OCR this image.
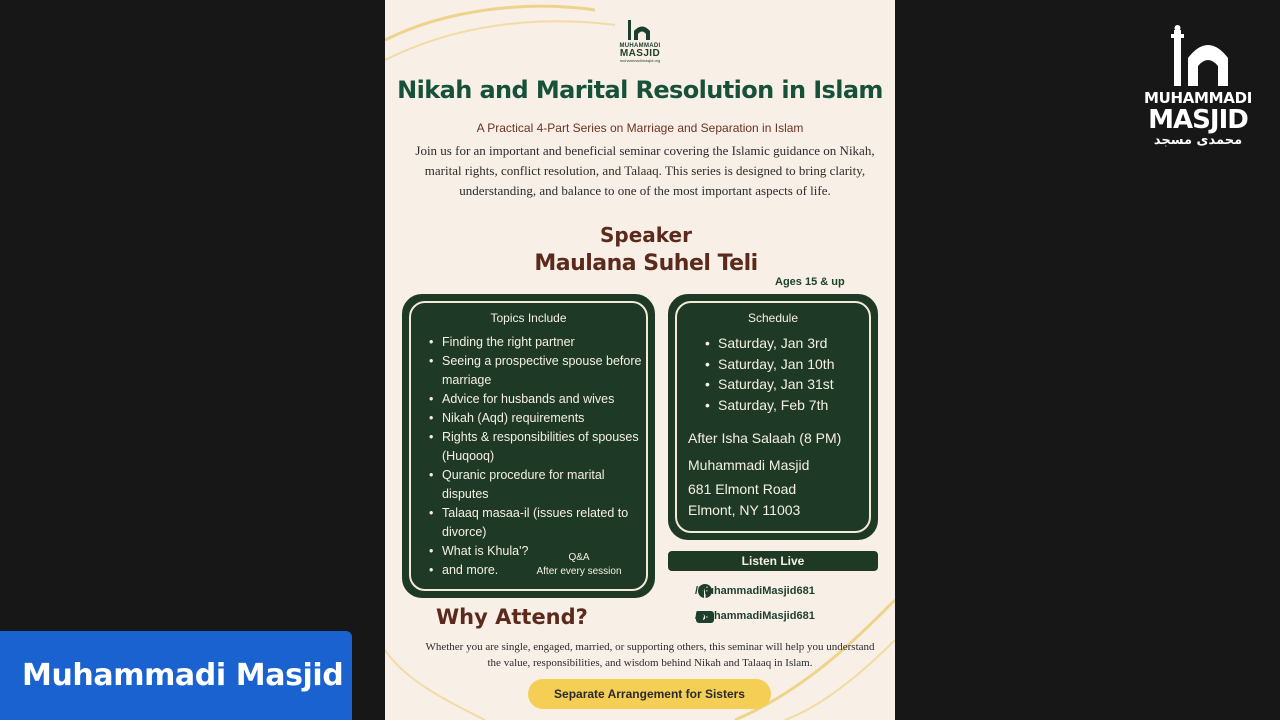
MUHAMMADI
MASJID
muhammadimasjid.org
Nikah and Marital Resolution in Islam
A Practical 4-Part Series on Marriage and Separation in Islam
Join us for an important and beneficial seminar covering the Islamic guidance on Nikah, marital rights, conflict resolution, and Talaaq. This series is designed to bring clarity, understanding, and balance to one of the most important aspects of life.
Speaker
Maulana Suhel Teli
Ages 15 & up
Topics Include
• Finding the right partner
• Seeing a prospective spouse before marriage
• Advice for husbands and wives
• Nikah (Aqd) requirements
• Rights & responsibilities of spouses (Huqooq)
• Quranic procedure for marital disputes
• Talaaq masaa-il (issues related to divorce)
• What is Khula'?
• and more.
Q&A
After every session
Schedule
• Saturday, Jan 3rd
• Saturday, Jan 10th
• Saturday, Jan 31st
• Saturday, Feb 7th
After Isha Salaah (8 PM)
Muhammadi Masjid
681 Elmont Road
Elmont, NY 11003
Listen Live
/MuhammadiMasjid681
/MuhammadiMasjid681
Why Attend?
Whether you are single, engaged, married, or supporting others, this seminar will help you understand the value, responsibilities, and wisdom behind Nikah and Talaaq in Islam.
Separate Arrangement for Sisters
MUHAMMADI
MASJID
محمدی مسجد
Muhammadi Masjid
